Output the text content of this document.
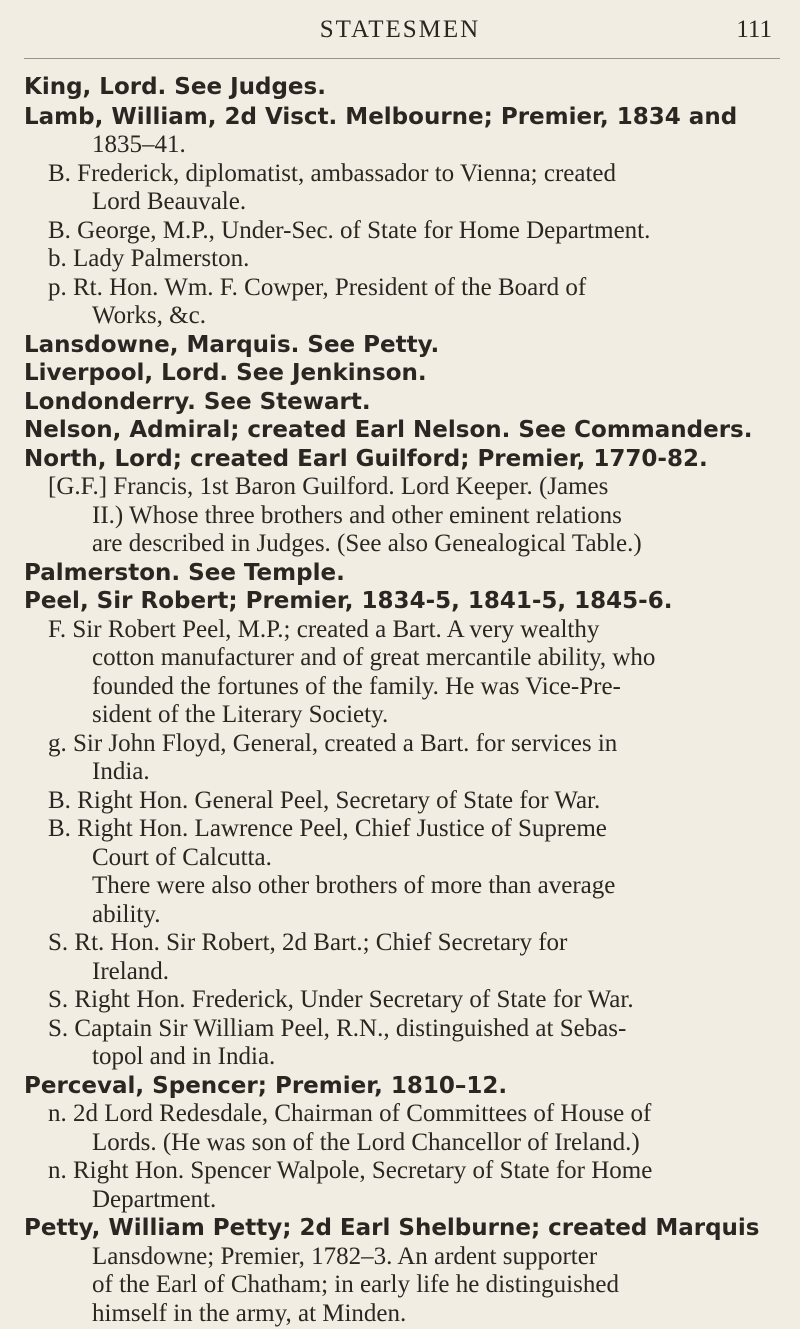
STATESMEN	111
King, Lord. See Judges.
Lamb, William, 2d Visct. Melbourne; Premier, 1834 and
1835–41.
B. Frederick, diplomatist, ambassador to Vienna; created
Lord Beauvale.
B. George, M.P., Under-Sec. of State for Home Department.
b. Lady Palmerston.
p. Rt. Hon. Wm. F. Cowper, President of the Board of
Works, &c.
Lansdowne, Marquis. See Petty.
Liverpool, Lord. See Jenkinson.
Londonderry. See Stewart.
Nelson, Admiral; created Earl Nelson. See Commanders.
North, Lord; created Earl Guilford; Premier, 1770-82.
[G.F.] Francis, 1st Baron Guilford. Lord Keeper. (James
II.) Whose three brothers and other eminent relations
are described in Judges. (See also Genealogical Table.)
Palmerston. See Temple.
Peel, Sir Robert; Premier, 1834-5, 1841-5, 1845-6.
F. Sir Robert Peel, M.P.; created a Bart. A very wealthy
cotton manufacturer and of great mercantile ability, who
founded the fortunes of the family. He was Vice-Pre-
sident of the Literary Society.
g. Sir John Floyd, General, created a Bart. for services in
India.
B. Right Hon. General Peel, Secretary of State for War.
B. Right Hon. Lawrence Peel, Chief Justice of Supreme
Court of Calcutta.
There were also other brothers of more than average
ability.
S. Rt. Hon. Sir Robert, 2d Bart.; Chief Secretary for
Ireland.
S. Right Hon. Frederick, Under Secretary of State for War.
S. Captain Sir William Peel, R.N., distinguished at Sebas-
topol and in India.
Perceval, Spencer; Premier, 1810–12.
n. 2d Lord Redesdale, Chairman of Committees of House of
Lords. (He was son of the Lord Chancellor of Ireland.)
n. Right Hon. Spencer Walpole, Secretary of State for Home
Department.
Petty, William Petty; 2d Earl Shelburne; created Marquis
Lansdowne; Premier, 1782–3. An ardent supporter
of the Earl of Chatham; in early life he distinguished
himself in the army, at Minden.
